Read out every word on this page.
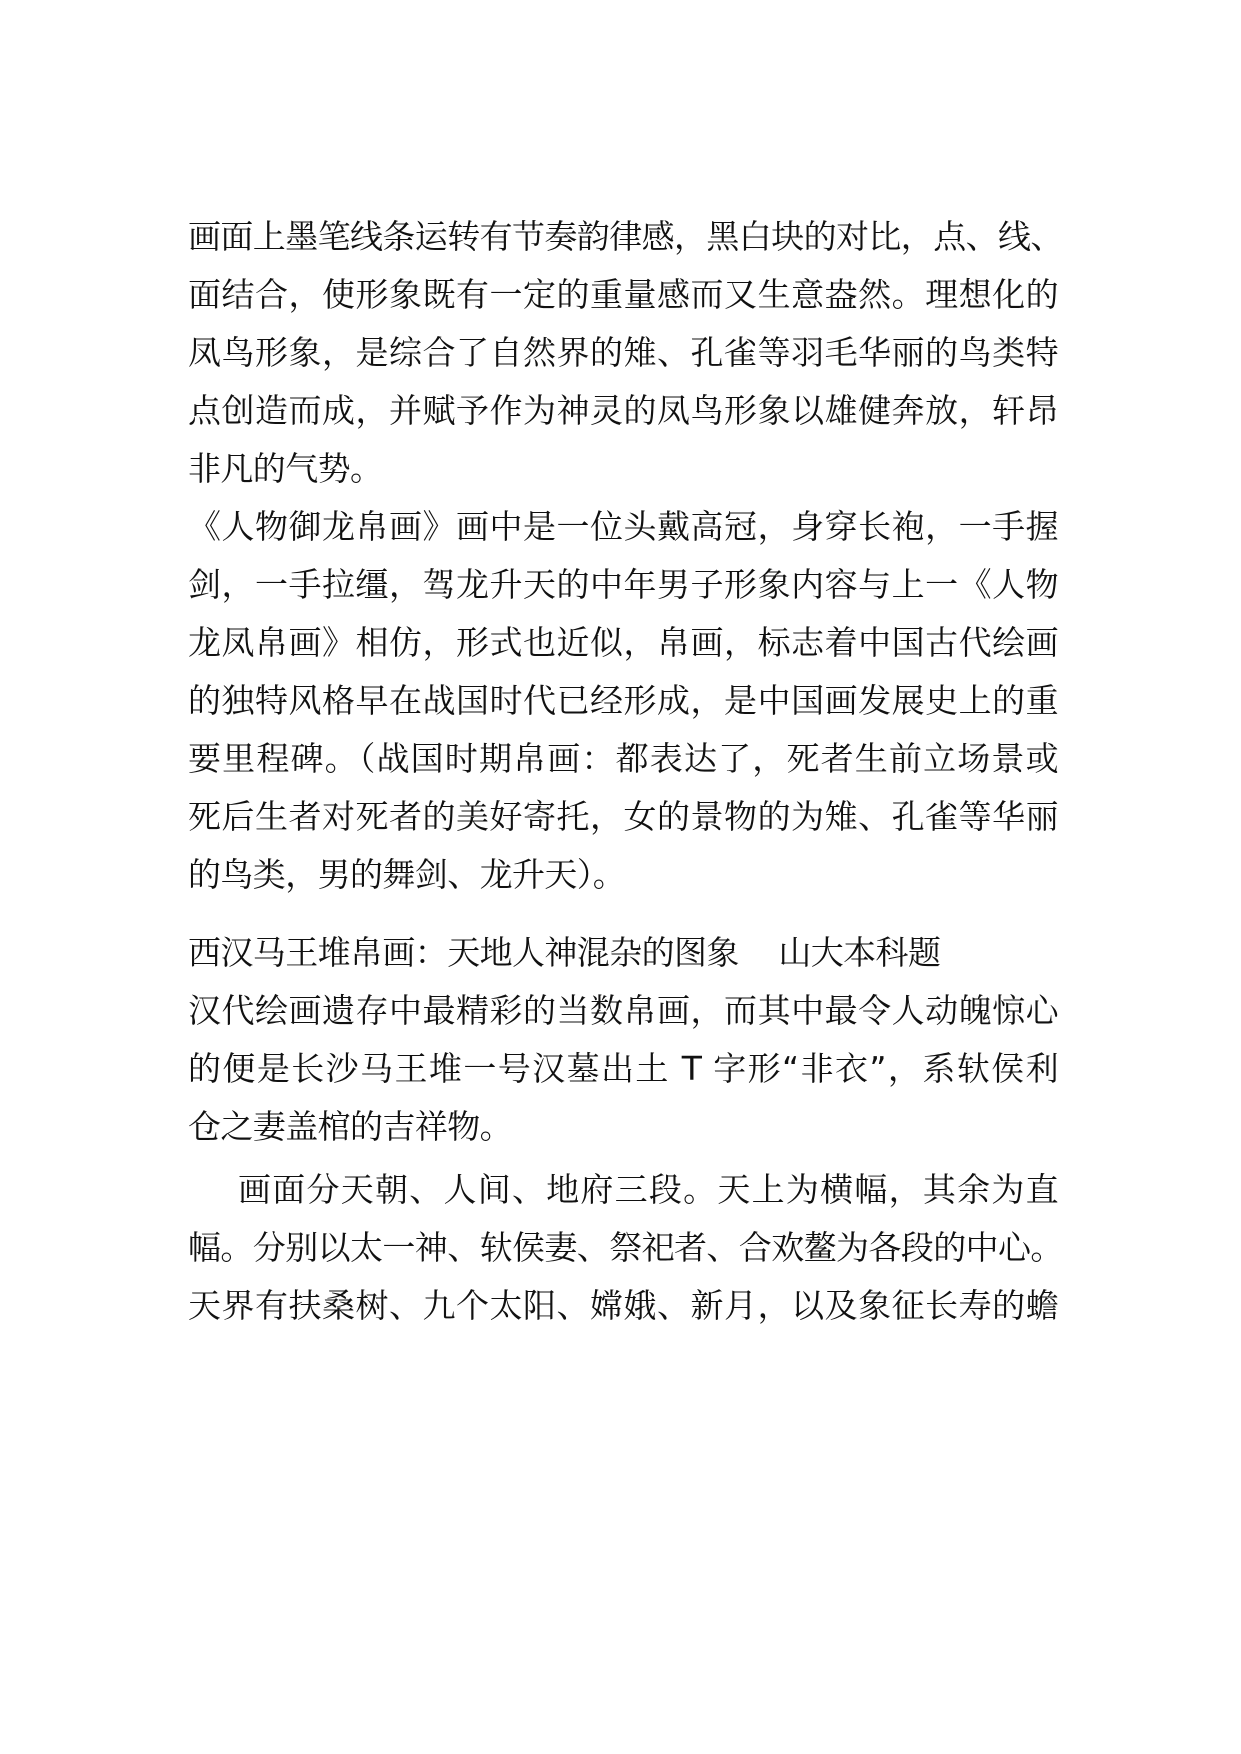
画面上墨笔线条运转有节奏韵律感，黑白块的对比，点、线、
面结合，使形象既有一定的重量感而又生意盎然。理想化的
凤鸟形象，是综合了自然界的雉、孔雀等羽毛华丽的鸟类特
点创造而成，并赋予作为神灵的凤鸟形象以雄健奔放，轩昂
非凡的气势。
《人物御龙帛画》画中是一位头戴高冠，身穿长袍，一手握
剑，一手拉缰，驾龙升天的中年男子形象内容与上一《人物
龙凤帛画》相仿，形式也近似，帛画，标志着中国古代绘画
的独特风格早在战国时代已经形成，是中国画发展史上的重
要里程碑。（战国时期帛画：都表达了，死者生前立场景或
死后生者对死者的美好寄托，女的景物的为雉、孔雀等华丽
的鸟类，男的舞剑、龙升天）。
西汉马王堆帛画：天地人神混杂的图象    山大本科题
汉代绘画遗存中最精彩的当数帛画，而其中最令人动魄惊心
的便是长沙马王堆一号汉墓出土 T 字形“非衣”，系轪侯利
仓之妻盖棺的吉祥物。
画面分天朝、人间、地府三段。天上为横幅，其余为直
幅。分别以太一神、轪侯妻、祭祀者、合欢鳌为各段的中心。
天界有扶桑树、九个太阳、嫦娥、新月，以及象征长寿的蟾
